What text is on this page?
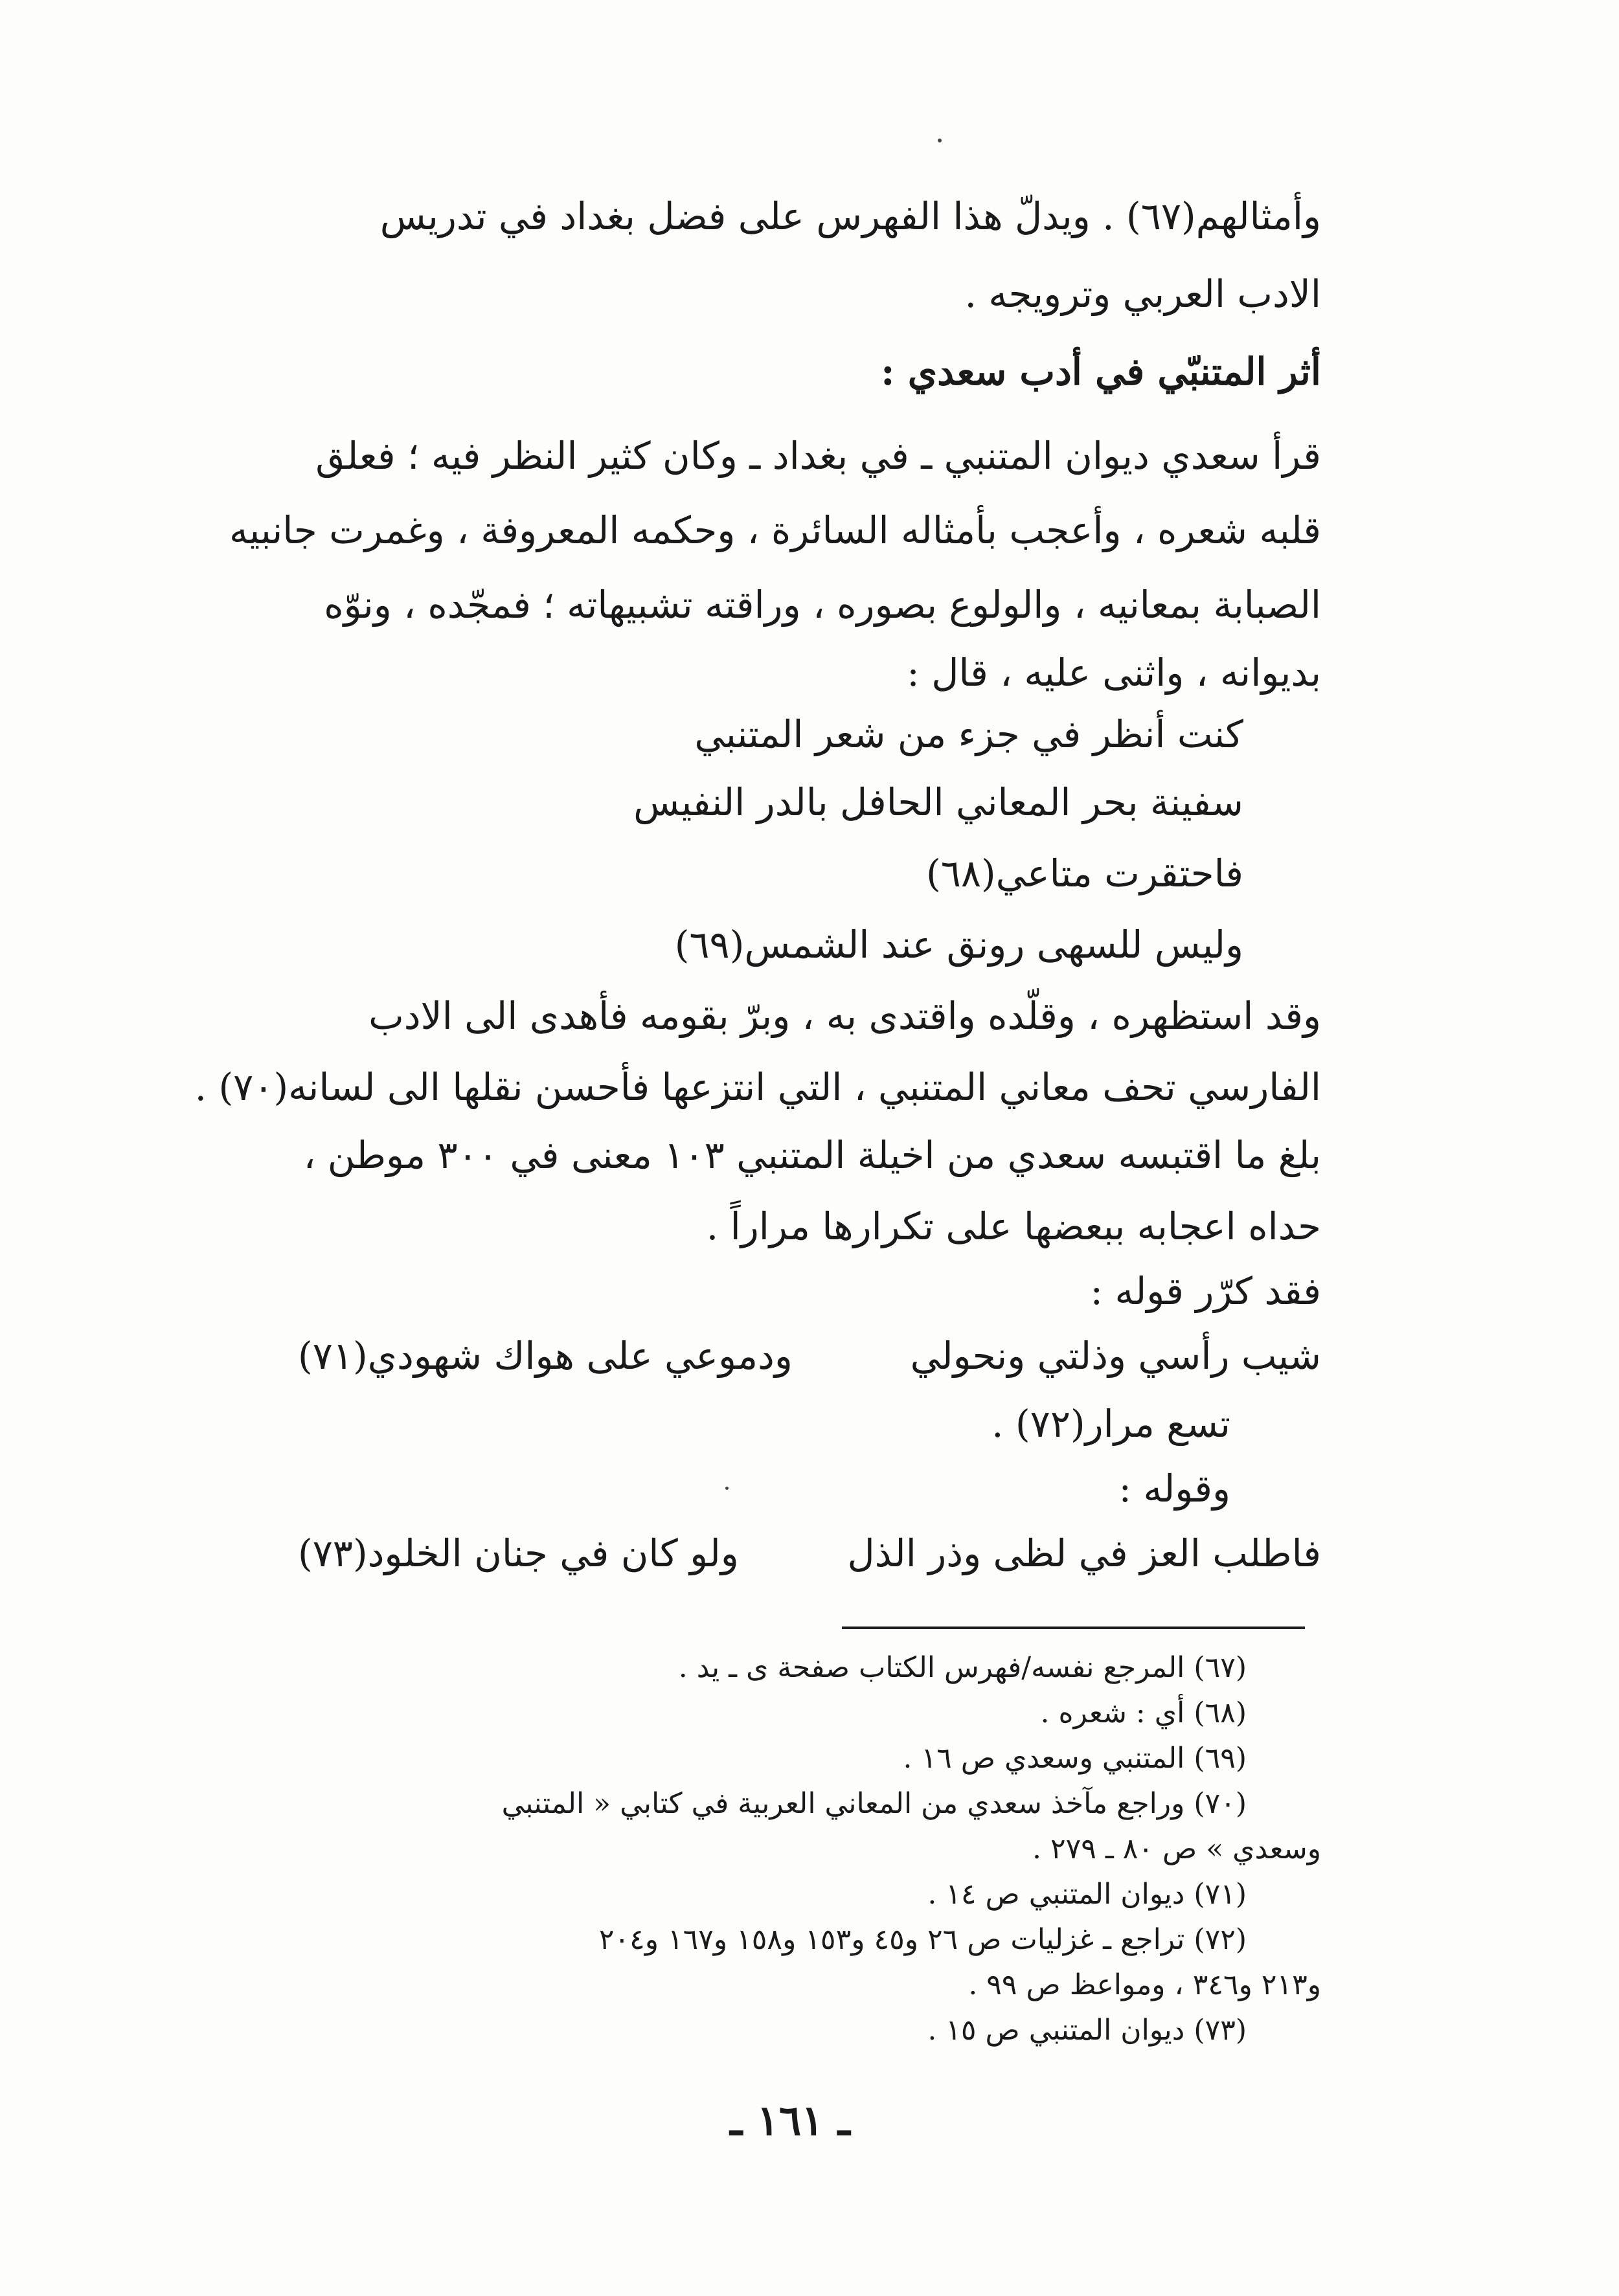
وأمثالهم(٦٧) . ويدلّ هذا الفهرس على فضل بغداد في تدريس

الادب العربي وترويجه .

أثر المتنبّي في أدب سعدي :

قرأ سعدي ديوان المتنبي ـ في بغداد ـ وكان كثير النظر فيه ؛ فعلق

قلبه شعره ، وأعجب بأمثاله السائرة ، وحكمه المعروفة ، وغمرت جانبيه

الصبابة بمعانيه ، والولوع بصوره ، وراقته تشبيهاته ؛ فمجّده ، ونوّه

بديوانه ، واثنى عليه ، قال :

كنت أنظر في جزء من شعر المتنبي

سفينة بحر المعاني الحافل بالدر النفيس

فاحتقرت متاعي(٦٨)

وليس للسهى رونق عند الشمس(٦٩)

وقد استظهره ، وقلّده واقتدى به ، وبرّ بقومه فأهدى الى الادب

الفارسي تحف معاني المتنبي ، التي انتزعها فأحسن نقلها الى لسانه(٧٠) .

بلغ ما اقتبسه سعدي من اخيلة المتنبي ١٠٣ معنى في ٣٠٠ موطن ،

حداه اعجابه ببعضها على تكرارها مراراً .

فقد كرّر قوله :

شيب رأسي وذلتي ونحولي
ودموعي على هواك شهودي(٧١)

تسع مرار(٧٢) .

وقوله :

فاطلب العز في لظى وذر الذل
ولو كان في جنان الخلود(٧٣)

(٦٧) المرجع نفسه/فهرس الكتاب صفحة ى ـ يد .

(٦٨) أي : شعره .

(٦٩) المتنبي وسعدي ص ١٦ .

(٧٠) وراجع مآخذ سعدي من المعاني العربية في كتابي « المتنبي

وسعدي » ص ٨٠ ـ ٢٧٩ .

(٧١) ديوان المتنبي ص ١٤ .

(٧٢) تراجع ـ غزليات ص ٢٦ و٤٥ و١٥٣ و١٥٨ و١٦٧ و٢٠٤

و٢١٣ و٣٤٦ ، ومواعظ ص ٩٩ .

(٧٣) ديوان المتنبي ص ١٥ .

ـ ١٦١ ـ
